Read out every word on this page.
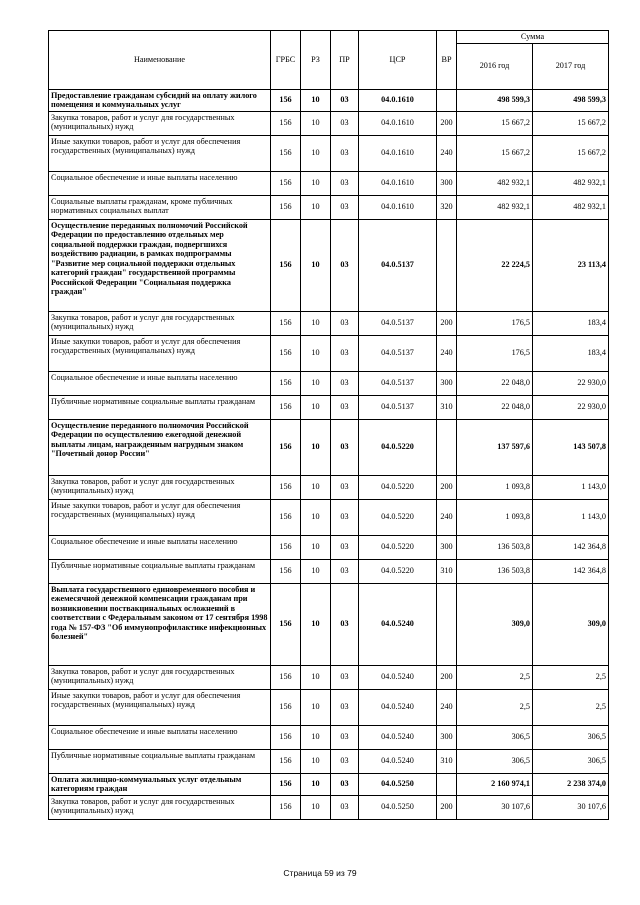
Наименование	ГРБС	РЗ	ПР	ЦСР	ВР	Сумма	
						2016 год	2017 год
Предоставление гражданам субсидий на оплату жилого помещения и коммунальных услуг	156	10	03	04.0.1610		498 599,3	498 599,3
Закупка товаров, работ и услуг для государственных (муниципальных) нужд	156	10	03	04.0.1610	200	15 667,2	15 667,2
Иные закупки товаров, работ и услуг для обеспечения государственных (муниципальных) нужд	156	10	03	04.0.1610	240	15 667,2	15 667,2
Социальное обеспечение и иные выплаты населению	156	10	03	04.0.1610	300	482 932,1	482 932,1
Социальные выплаты гражданам, кроме публичных нормативных социальных выплат	156	10	03	04.0.1610	320	482 932,1	482 932,1
Осуществление переданных полномочий Российской Федерации по предоставлению отдельных мер социальной поддержки граждан, подвергшихся воздействию радиации, в рамках подпрограммы "Развитие мер социальной поддержки отдельных категорий граждан" государственной программы Российской Федерации "Социальная поддержка граждан"	156	10	03	04.0.5137		22 224,5	23 113,4
Закупка товаров, работ и услуг для государственных (муниципальных) нужд	156	10	03	04.0.5137	200	176,5	183,4
Иные закупки товаров, работ и услуг для обеспечения государственных (муниципальных) нужд	156	10	03	04.0.5137	240	176,5	183,4
Социальное обеспечение и иные выплаты населению	156	10	03	04.0.5137	300	22 048,0	22 930,0
Публичные нормативные социальные выплаты гражданам	156	10	03	04.0.5137	310	22 048,0	22 930,0
Осуществление переданного полномочия Российской Федерации по осуществлению ежегодной денежной выплаты лицам, награжденным нагрудным знаком "Почетный донор России"	156	10	03	04.0.5220		137 597,6	143 507,8
Закупка товаров, работ и услуг для государственных (муниципальных) нужд	156	10	03	04.0.5220	200	1 093,8	1 143,0
Иные закупки товаров, работ и услуг для обеспечения государственных (муниципальных) нужд	156	10	03	04.0.5220	240	1 093,8	1 143,0
Социальное обеспечение и иные выплаты населению	156	10	03	04.0.5220	300	136 503,8	142 364,8
Публичные нормативные социальные выплаты гражданам	156	10	03	04.0.5220	310	136 503,8	142 364,8
Выплата государственного единовременного пособия и ежемесячной денежной компенсации гражданам при возникновении поствакцинальных осложнений в соответствии с Федеральным законом от 17 сентября 1998 года № 157-ФЗ "Об иммунопрофилактике инфекционных болезней"	156	10	03	04.0.5240		309,0	309,0
Закупка товаров, работ и услуг для государственных (муниципальных) нужд	156	10	03	04.0.5240	200	2,5	2,5
Иные закупки товаров, работ и услуг для обеспечения государственных (муниципальных) нужд	156	10	03	04.0.5240	240	2,5	2,5
Социальное обеспечение и иные выплаты населению	156	10	03	04.0.5240	300	306,5	306,5
Публичные нормативные социальные выплаты гражданам	156	10	03	04.0.5240	310	306,5	306,5
Оплата жилищно-коммунальных услуг отдельным категориям граждан	156	10	03	04.0.5250		2 160 974,1	2 238 374,0
Закупка товаров, работ и услуг для государственных (муниципальных) нужд	156	10	03	04.0.5250	200	30 107,6	30 107,6
Страница 59 из 79
